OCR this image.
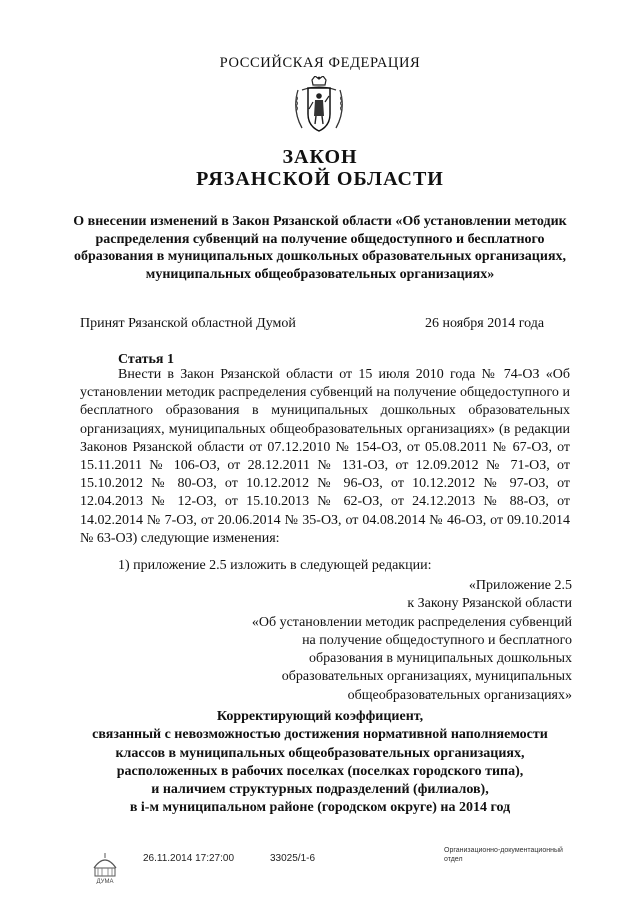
РОССИЙСКАЯ ФЕДЕРАЦИЯ
ЗАКОН
РЯЗАНСКОЙ ОБЛАСТИ
О внесении изменений в Закон Рязанской области «Об установлении методик распределения субвенций на получение общедоступного и бесплатного образования в муниципальных дошкольных образовательных организациях, муниципальных общеобразовательных организациях»
Принят Рязанской областной Думой	26 ноября 2014 года
Статья 1
Внести в Закон Рязанской области от 15 июля 2010 года № 74-ОЗ «Об установлении методик распределения субвенций на получение общедоступного и бесплатного образования в муниципальных дошкольных образовательных организациях, муниципальных общеобразовательных организациях» (в редакции Законов Рязанской области от 07.12.2010 № 154-ОЗ, от 05.08.2011 № 67-ОЗ, от 15.11.2011 № 106-ОЗ, от 28.12.2011 № 131-ОЗ, от 12.09.2012 № 71-ОЗ, от 15.10.2012 № 80-ОЗ, от 10.12.2012 № 96-ОЗ, от 10.12.2012 № 97-ОЗ, от 12.04.2013 № 12-ОЗ, от 15.10.2013 № 62-ОЗ, от 24.12.2013 № 88-ОЗ, от 14.02.2014 № 7-ОЗ, от 20.06.2014 № 35-ОЗ, от 04.08.2014 № 46-ОЗ, от 09.10.2014 № 63-ОЗ) следующие изменения:
1) приложение 2.5 изложить в следующей редакции:
«Приложение 2.5
к Закону Рязанской области
«Об установлении методик распределения субвенций
на получение общедоступного и бесплатного
образования в муниципальных дошкольных
образовательных организациях, муниципальных
общеобразовательных организациях»
Корректирующий коэффициент,
связанный с невозможностью достижения нормативной наполняемости
классов в муниципальных общеобразовательных организациях,
расположенных в рабочих поселках (поселках городского типа),
и наличием структурных подразделений (филиалов),
в i-м муниципальном районе (городском округе) на 2014 год
ДУМА
26.11.2014 17:27:00	33025/1-6
Организационно-документационный
отдел
